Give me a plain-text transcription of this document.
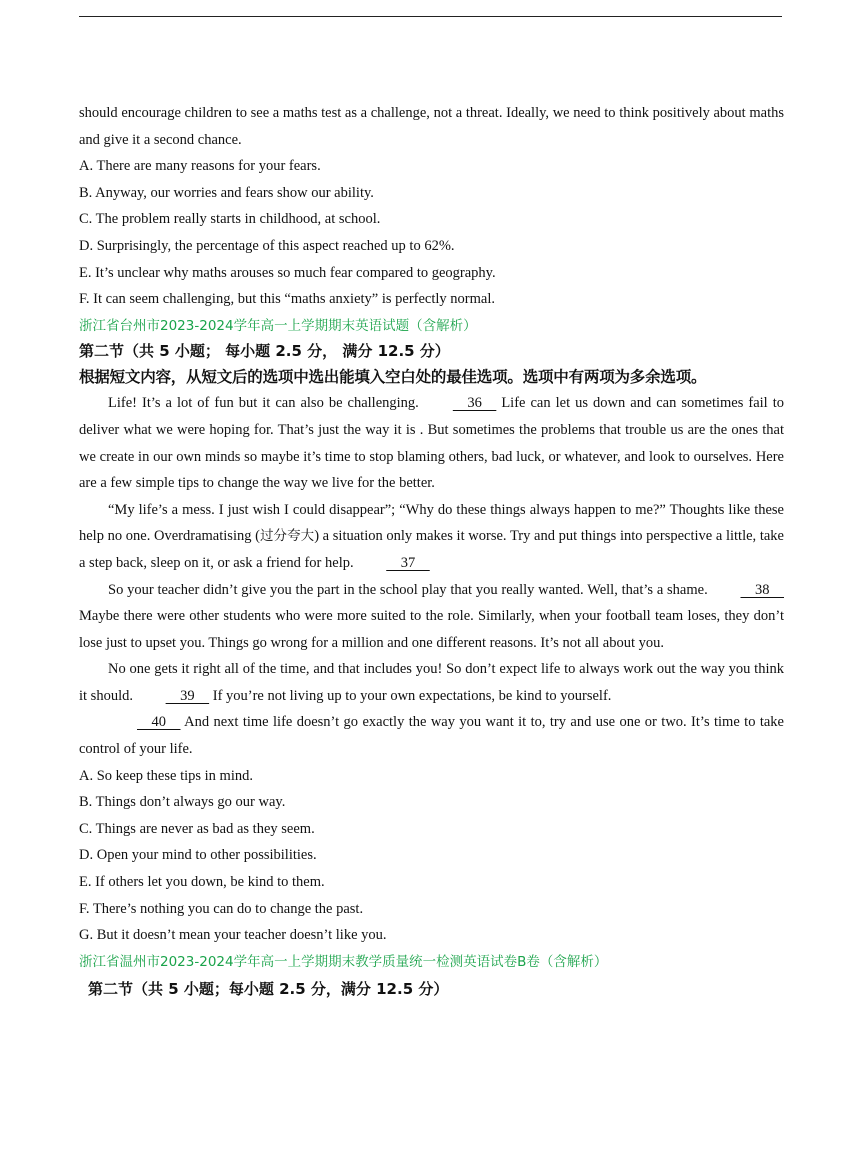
should encourage children to see a maths test as a challenge, not a threat. Ideally, we need to think positively about maths and give it a second chance.
A. There are many reasons for your fears.
B. Anyway, our worries and fears show our ability.
C. The problem really starts in childhood, at school.
D. Surprisingly, the percentage of this aspect reached up to 62%.
E. It’s unclear why maths arouses so much fear compared to geography.
F. It can seem challenging, but this “maths anxiety” is perfectly normal.
浙江省台州市2023-2024学年高一上学期期末英语试题（含解析）
第二节（共 5 小题； 每小题 2.5 分， 满分 12.5 分）
根据短文内容，从短文后的选项中选出能填入空白处的最佳选项。选项中有两项为多余选项。
Life! It’s a lot of fun but it can also be challenging.     36     Life can let us down and can sometimes fail to deliver what we were hoping for. That’s just the way it is . But sometimes the problems that trouble us are the ones that we create in our own minds so maybe it’s time to stop blaming others, bad luck, or whatever, and look to ourselves. Here are a few simple tips to change the way we live for the better.
“My life’s a mess. I just wish I could disappear”; “Why do these things always happen to me?” Thoughts like these help no one. Overdramatising (过分夸大) a situation only makes it worse. Try and put things into perspective a little, take a step back, sleep on it, or ask a friend for help.     37
So your teacher didn’t give you the part in the school play that you really wanted. Well, that’s a shame.     38     Maybe there were other students who were more suited to the role. Similarly, when your football team loses, they don’t lose just to upset you. Things go wrong for a million and one different reasons. It’s not all about you.
No one gets it right all of the time, and that includes you! So don’t expect life to always work out the way you think it should.     39     If you’re not living up to your own expectations, be kind to yourself.
40     And next time life doesn’t go exactly the way you want it to, try and use one or two. It’s time to take control of your life.
A. So keep these tips in mind.
B. Things don’t always go our way.
C. Things are never as bad as they seem.
D. Open your mind to other possibilities.
E. If others let you down, be kind to them.
F. There’s nothing you can do to change the past.
G. But it doesn’t mean your teacher doesn’t like you.
浙江省温州市2023-2024学年高一上学期期末教学质量统一检测英语试卷B卷（含解析）
第二节（共 5 小题；每小题 2.5 分，满分 12.5 分）
